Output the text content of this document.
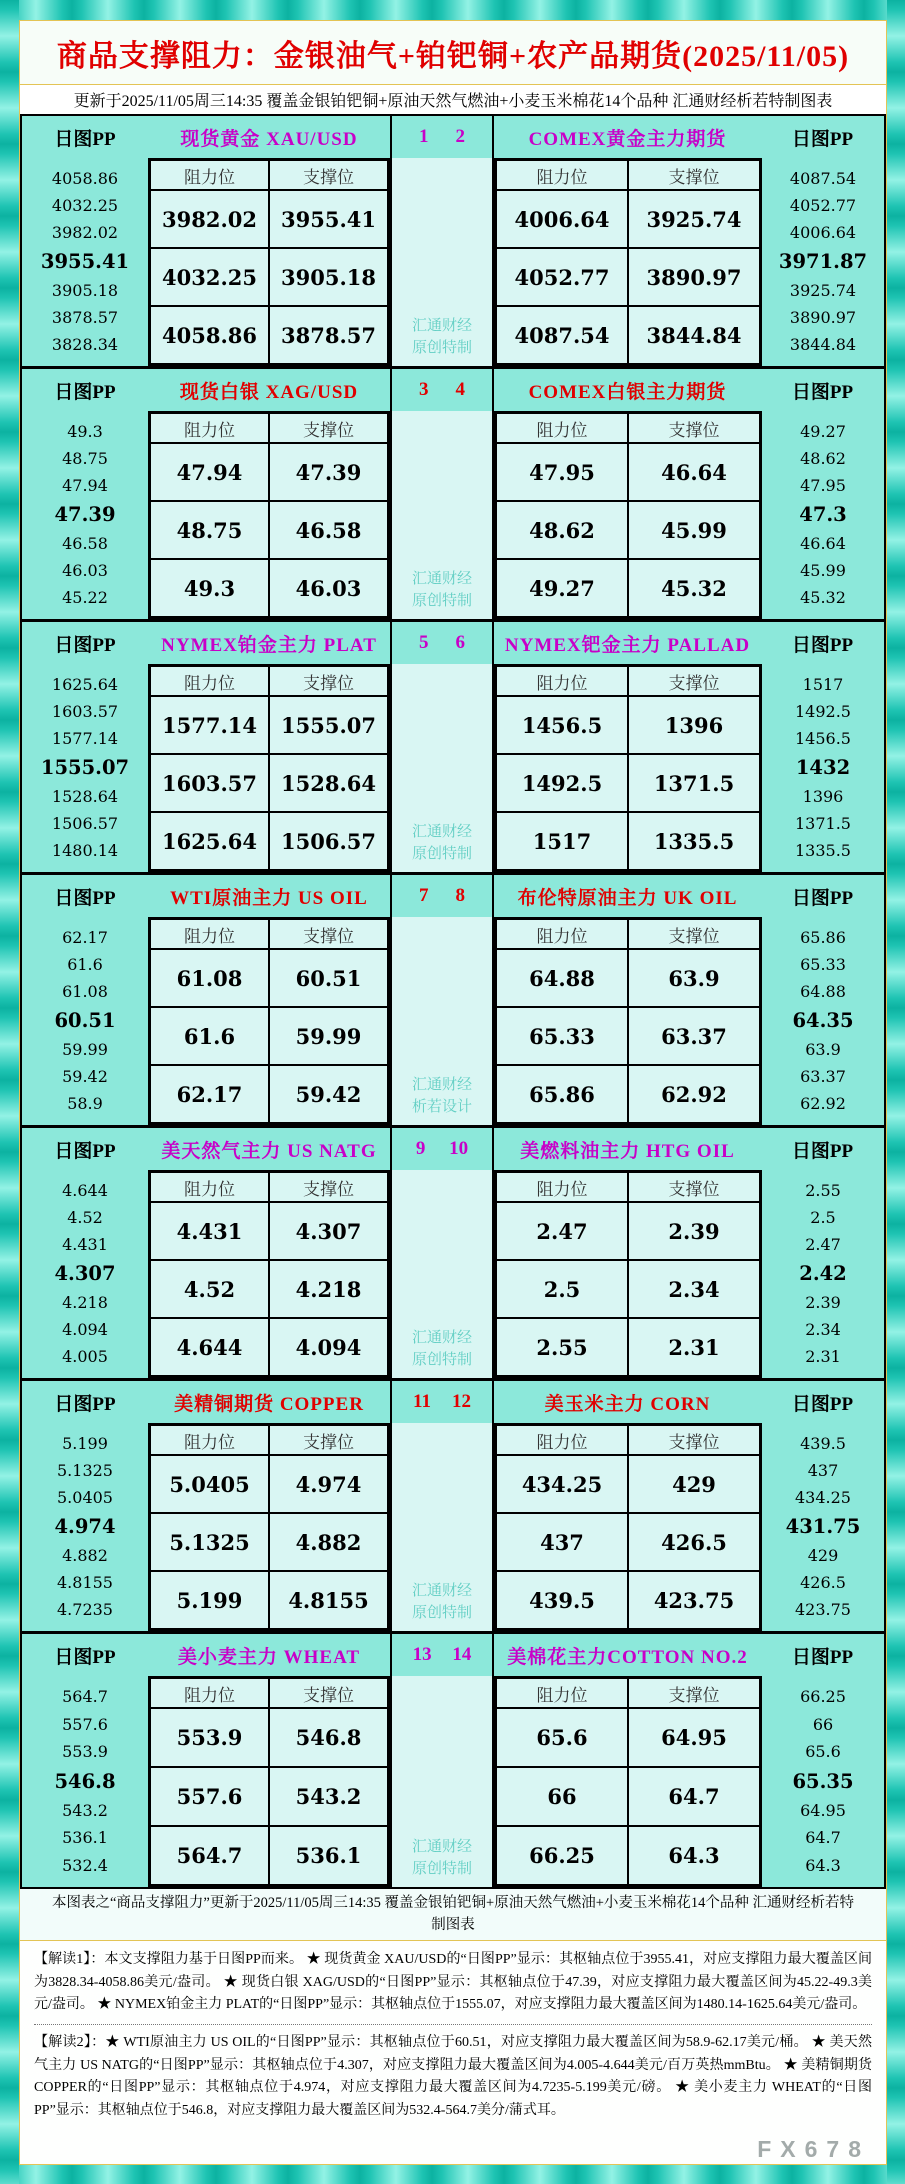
商品支撑阻力：金银油气+铂钯铜+农产品期货(2025/11/05)
更新于2025/11/05周三14:35 覆盖金银铂钯铜+原油天然气燃油+小麦玉米棉花14个品种 汇通财经析若特制图表
日图PP	现货黄金 XAU/USD	1 2	COMEX黄金主力期货	日图PP
4058.86
4032.25
3982.02
3955.41
3905.18
3878.57
3828.34
阻力位	支撑位
3982.02	3955.41
4032.25	3905.18
4058.86	3878.57	汇通财经
原创特制
阻力位	支撑位
4006.64	3925.74
4052.77	3890.97
4087.54	3844.84
4087.54
4052.77
4006.64
3971.87
3925.74
3890.97
3844.84
日图PP	现货白银 XAG/USD	3 4	COMEX白银主力期货	日图PP
49.3
48.75
47.94
47.39
46.58
46.03
45.22
阻力位	支撑位
47.94	47.39
48.75	46.58
49.3	46.03	汇通财经
原创特制
阻力位	支撑位
47.95	46.64
48.62	45.99
49.27	45.32
49.27
48.62
47.95
47.3
46.64
45.99
45.32
日图PP	NYMEX铂金主力 PLAT	5 6	NYMEX钯金主力 PALLAD	日图PP
1625.64
1603.57
1577.14
1555.07
1528.64
1506.57
1480.14
阻力位	支撑位
1577.14	1555.07
1603.57	1528.64
1625.64	1506.57	汇通财经
原创特制
阻力位	支撑位
1456.5	1396
1492.5	1371.5
1517	1335.5
1517
1492.5
1456.5
1432
1396
1371.5
1335.5
日图PP	WTI原油主力 US OIL	7 8	布伦特原油主力 UK OIL	日图PP
62.17
61.6
61.08
60.51
59.99
59.42
58.9
阻力位	支撑位
61.08	60.51
61.6	59.99
62.17	59.42	汇通财经
析若设计
阻力位	支撑位
64.88	63.9
65.33	63.37
65.86	62.92
65.86
65.33
64.88
64.35
63.9
63.37
62.92
日图PP	美天然气主力 US NATG	9 10	美燃料油主力 HTG OIL	日图PP
4.644
4.52
4.431
4.307
4.218
4.094
4.005
阻力位	支撑位
4.431	4.307
4.52	4.218
4.644	4.094	汇通财经
原创特制
阻力位	支撑位
2.47	2.39
2.5	2.34
2.55	2.31
2.55
2.5
2.47
2.42
2.39
2.34
2.31
日图PP	美精铜期货 COPPER	11 12	美玉米主力 CORN	日图PP
5.199
5.1325
5.0405
4.974
4.882
4.8155
4.7235
阻力位	支撑位
5.0405	4.974
5.1325	4.882
5.199	4.8155	汇通财经
原创特制
阻力位	支撑位
434.25	429
437	426.5
439.5	423.75
439.5
437
434.25
431.75
429
426.5
423.75
日图PP	美小麦主力 WHEAT	13 14	美棉花主力COTTON NO.2	日图PP
564.7
557.6
553.9
546.8
543.2
536.1
532.4
阻力位	支撑位
553.9	546.8
557.6	543.2
564.7	536.1	汇通财经
原创特制
阻力位	支撑位
65.6	64.95
66	64.7
66.25	64.3
66.25
66
65.6
65.35
64.95
64.7
64.3
本图表之“商品支撑阻力”更新于2025/11/05周三14:35 覆盖金银铂钯铜+原油天然气燃油+小麦玉米棉花14个品种 汇通财经析若特制图表

【解读1】：本文支撑阻力基于日图PP而来。 ★ 现货黄金 XAU/USD的“日图PP”显示：其枢轴点位于3955.41，对应支撑阻力最大覆盖区间为3828.34-4058.86美元/盎司。 ★ 现货白银 XAG/USD的“日图PP”显示：其枢轴点位于47.39，对应支撑阻力最大覆盖区间为45.22-49.3美元/盎司。 ★ NYMEX铂金主力 PLAT的“日图PP”显示：其枢轴点位于1555.07，对应支撑阻力最大覆盖区间为1480.14-1625.64美元/盎司。

【解读2】：★ WTI原油主力 US OIL的“日图PP”显示：其枢轴点位于60.51，对应支撑阻力最大覆盖区间为58.9-62.17美元/桶。 ★ 美天然气主力 US NATG的“日图PP”显示：其枢轴点位于4.307，对应支撑阻力最大覆盖区间为4.005-4.644美元/百万英热mmBtu。 ★ 美精铜期货 COPPER的“日图PP”显示：其枢轴点位于4.974，对应支撑阻力最大覆盖区间为4.7235-5.199美元/磅。 ★ 美小麦主力 WHEAT的“日图PP”显示：其枢轴点位于546.8，对应支撑阻力最大覆盖区间为532.4-564.7美分/蒲式耳。

FX678
